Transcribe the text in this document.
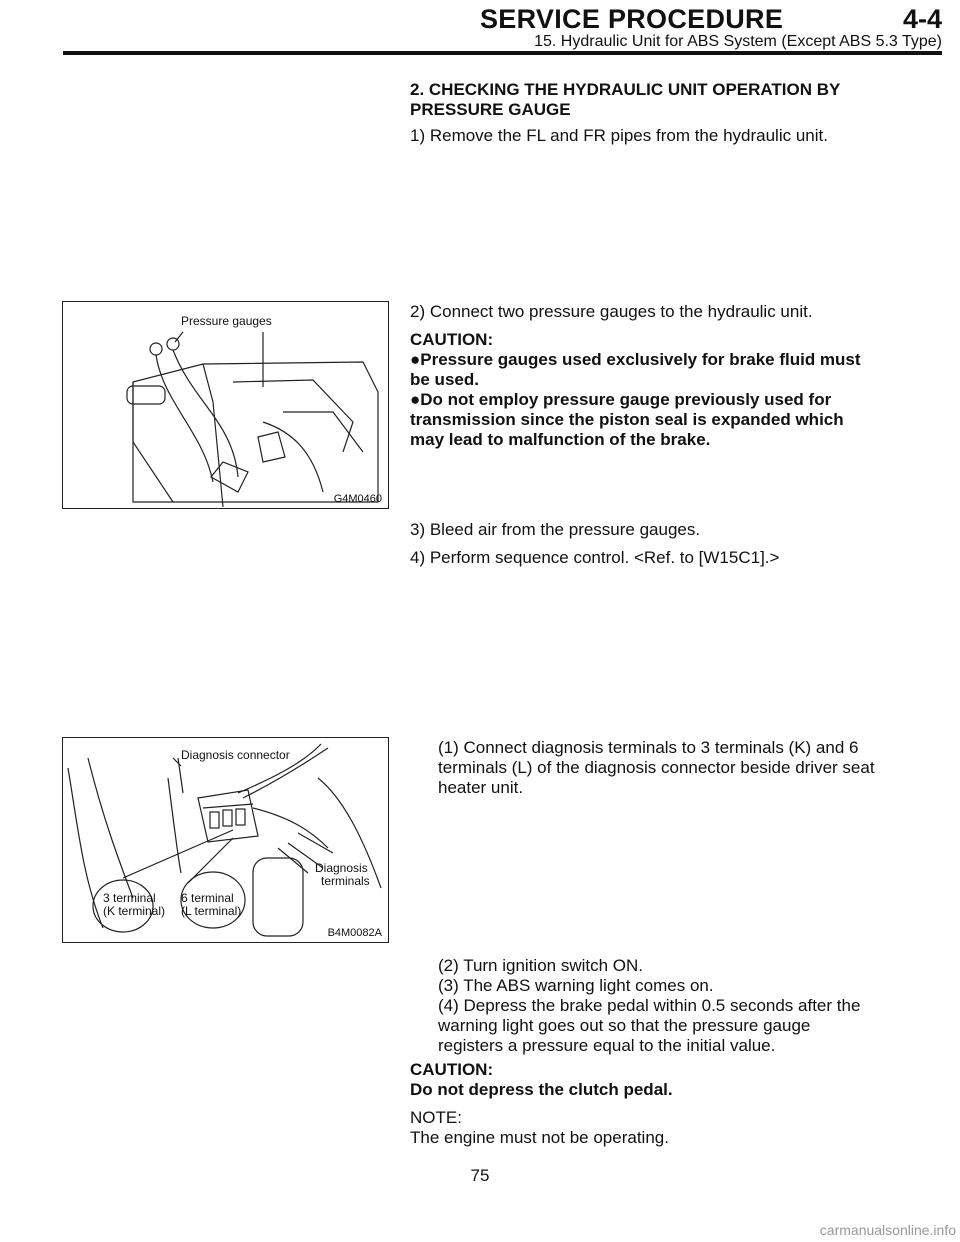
SERVICE PROCEDURE	4-4
15. Hydraulic Unit for ABS System (Except ABS 5.3 Type)
2. CHECKING THE HYDRAULIC UNIT OPERATION BY PRESSURE GAUGE
1) Remove the FL and FR pipes from the hydraulic unit.
2) Connect two pressure gauges to the hydraulic unit.
CAUTION:
●Pressure gauges used exclusively for brake fluid must be used.
●Do not employ pressure gauge previously used for transmission since the piston seal is expanded which may lead to malfunction of the brake.
3) Bleed air from the pressure gauges.
4) Perform sequence control. <Ref. to [W15C1].>
(1) Connect diagnosis terminals to 3 terminals (K) and 6 terminals (L) of the diagnosis connector beside driver seat heater unit.
(2) Turn ignition switch ON.
(3) The ABS warning light comes on.
(4) Depress the brake pedal within 0.5 seconds after the warning light goes out so that the pressure gauge registers a pressure equal to the initial value.
CAUTION:
Do not depress the clutch pedal.
NOTE:
The engine must not be operating.
Pressure gauges
G4M0460
Diagnosis connector
Diagnosis
terminals
3 terminal
(K terminal)
6 terminal
(L terminal)
B4M0082A
75
carmanualsonline.info
